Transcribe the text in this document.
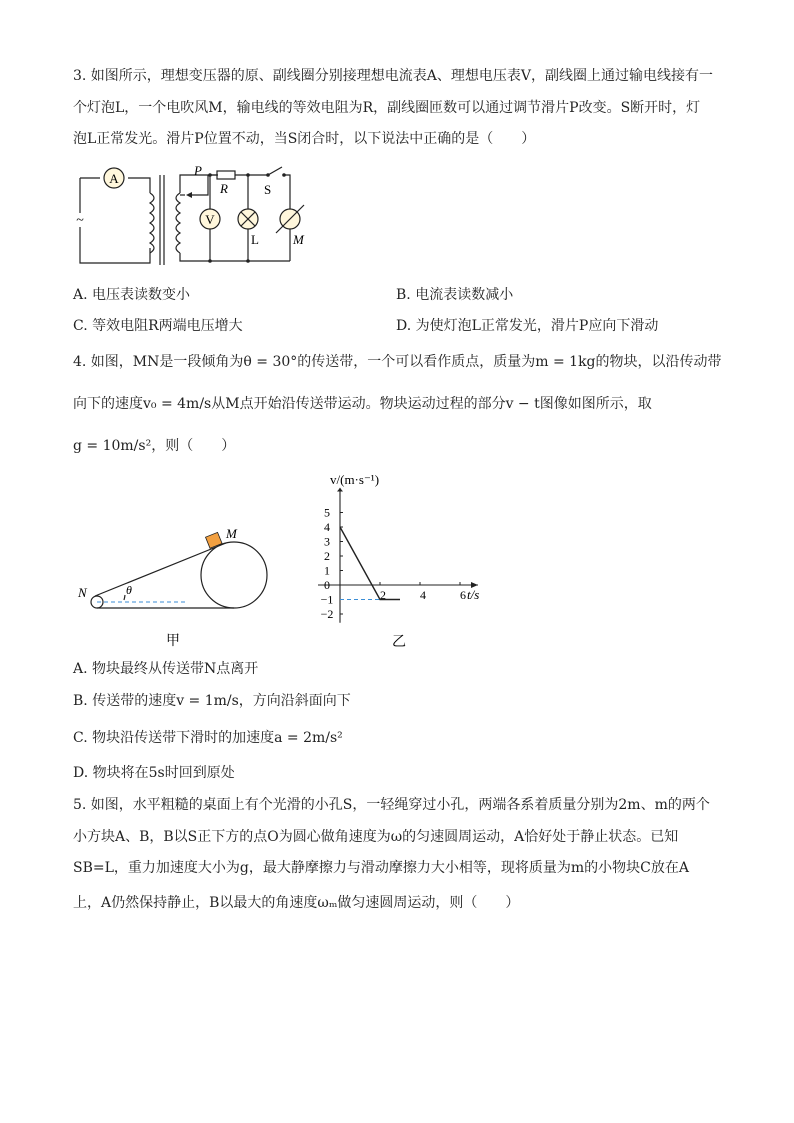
3. 如图所示，理想变压器的原、副线圈分别接理想电流表A、理想电压表V，副线圈上通过输电线接有一
个灯泡L，一个电吹风M，输电线的等效电阻为R，副线圈匝数可以通过调节滑片P改变。S断开时，灯
泡L正常发光。滑片P位置不动，当S闭合时，以下说法中正确的是（　　）
A
~
P
R	S
V
L	M
A. 电压表读数变小	B. 电流表读数减小
C. 等效电阻R两端电压增大	D. 为使灯泡L正常发光，滑片P应向下滑动
4. 如图，MN是一段倾角为θ = 30°的传送带，一个可以看作质点，质量为m = 1kg的物块，以沿传动带
向下的速度v₀ = 4m/s从M点开始沿传送带运动。物块运动过程的部分v − t图像如图所示，取
g = 10m/s²，则（　　）
M
N	θ
甲
5
4
3
2
1
0
−1
−2
2	4	6
v/(m·s⁻¹)
t/s
乙
A. 物块最终从传送带N点离开
B. 传送带的速度v = 1m/s，方向沿斜面向下
C. 物块沿传送带下滑时的加速度a = 2m/s²
D. 物块将在5s时回到原处
5. 如图，水平粗糙的桌面上有个光滑的小孔S，一轻绳穿过小孔，两端各系着质量分别为2m、m的两个
小方块A、B，B以S正下方的点O为圆心做角速度为ω的匀速圆周运动，A恰好处于静止状态。已知
SB=L，重力加速度大小为g，最大静摩擦力与滑动摩擦力大小相等，现将质量为m的小物块C放在A
上，A仍然保持静止，B以最大的角速度ωₘ做匀速圆周运动，则（　　）
